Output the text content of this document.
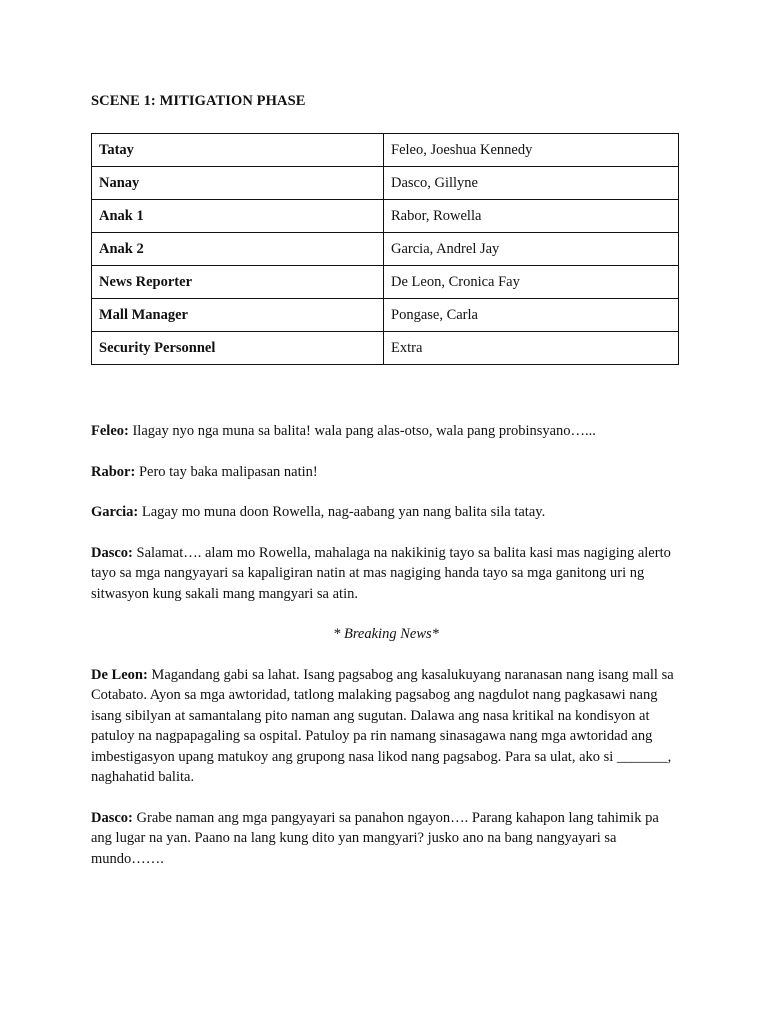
SCENE 1: MITIGATION PHASE
Tatay	Feleo, Joeshua Kennedy
Nanay	Dasco, Gillyne
Anak 1	Rabor, Rowella
Anak 2	Garcia, Andrel Jay
News Reporter	De Leon, Cronica Fay
Mall Manager	Pongase, Carla
Security Personnel	Extra

Feleo: Ilagay nyo nga muna sa balita! wala pang alas-otso, wala pang probinsyano…...

Rabor: Pero tay baka malipasan natin!

Garcia: Lagay mo muna doon Rowella, nag-aabang yan nang balita sila tatay.

Dasco: Salamat…. alam mo Rowella, mahalaga na nakikinig tayo sa balita kasi mas nagiging alerto tayo sa mga nangyayari sa kapaligiran natin at mas nagiging handa tayo sa mga ganitong uri ng sitwasyon kung sakali mang mangyari sa atin.

* Breaking News*

De Leon: Magandang gabi sa lahat. Isang pagsabog ang kasalukuyang naranasan nang isang mall sa Cotabato. Ayon sa mga awtoridad, tatlong malaking pagsabog ang nagdulot nang pagkasawi nang isang sibilyan at samantalang pito naman ang sugutan. Dalawa ang nasa kritikal na kondisyon at patuloy na nagpapagaling sa ospital. Patuloy pa rin namang sinasagawa nang mga awtoridad ang imbestigasyon upang matukoy ang grupong nasa likod nang pagsabog. Para sa ulat, ako si _______, naghahatid balita.

Dasco: Grabe naman ang mga pangyayari sa panahon ngayon…. Parang kahapon lang tahimik pa ang lugar na yan. Paano na lang kung dito yan mangyari? jusko ano na bang nangyayari sa mundo…….
